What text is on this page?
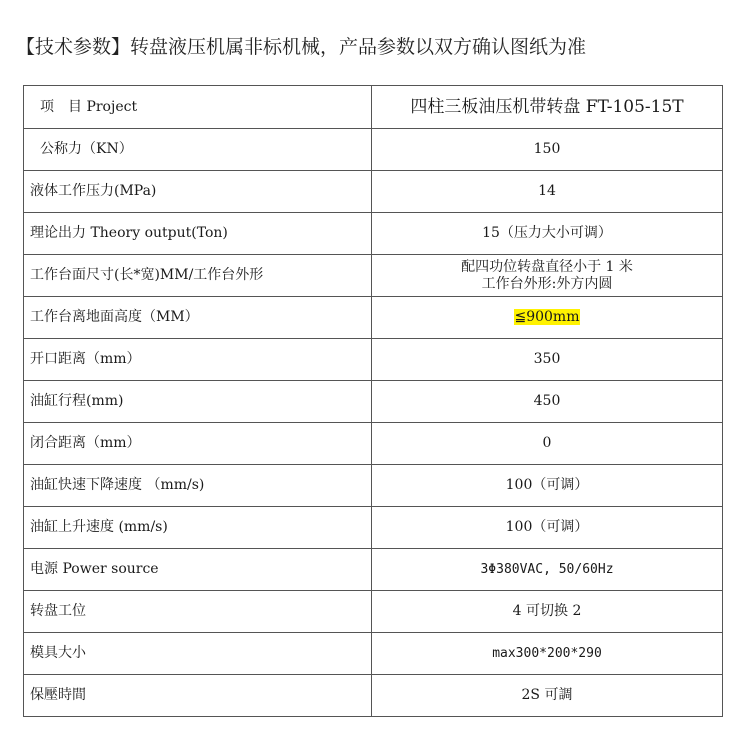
【技术参数】转盘液压机属非标机械，产品参数以双方确认图纸为准
项　目 Project	四柱三板油压机带转盘 FT-105-15T
公称力（KN）	150
液体工作压力(MPa)	14
理论出力 Theory output(Ton)	15（压力大小可调）
工作台面尺寸(长*宽)MM/工作台外形	配四功位转盘直径小于 1 米
工作台外形:外方内圆

工作台离地面高度（MM）	≦900mm
开口距离（mm）	350
油缸行程(mm)	450
闭合距离（mm）	0
油缸快速下降速度 （mm/s)	100（可调）
油缸上升速度 (mm/s)	100（可调）
电源 Power source	3Φ380VAC, 50/60Hz
转盘工位	4 可切换 2
模具大小	max300*200*290
保壓時間	2S 可調
